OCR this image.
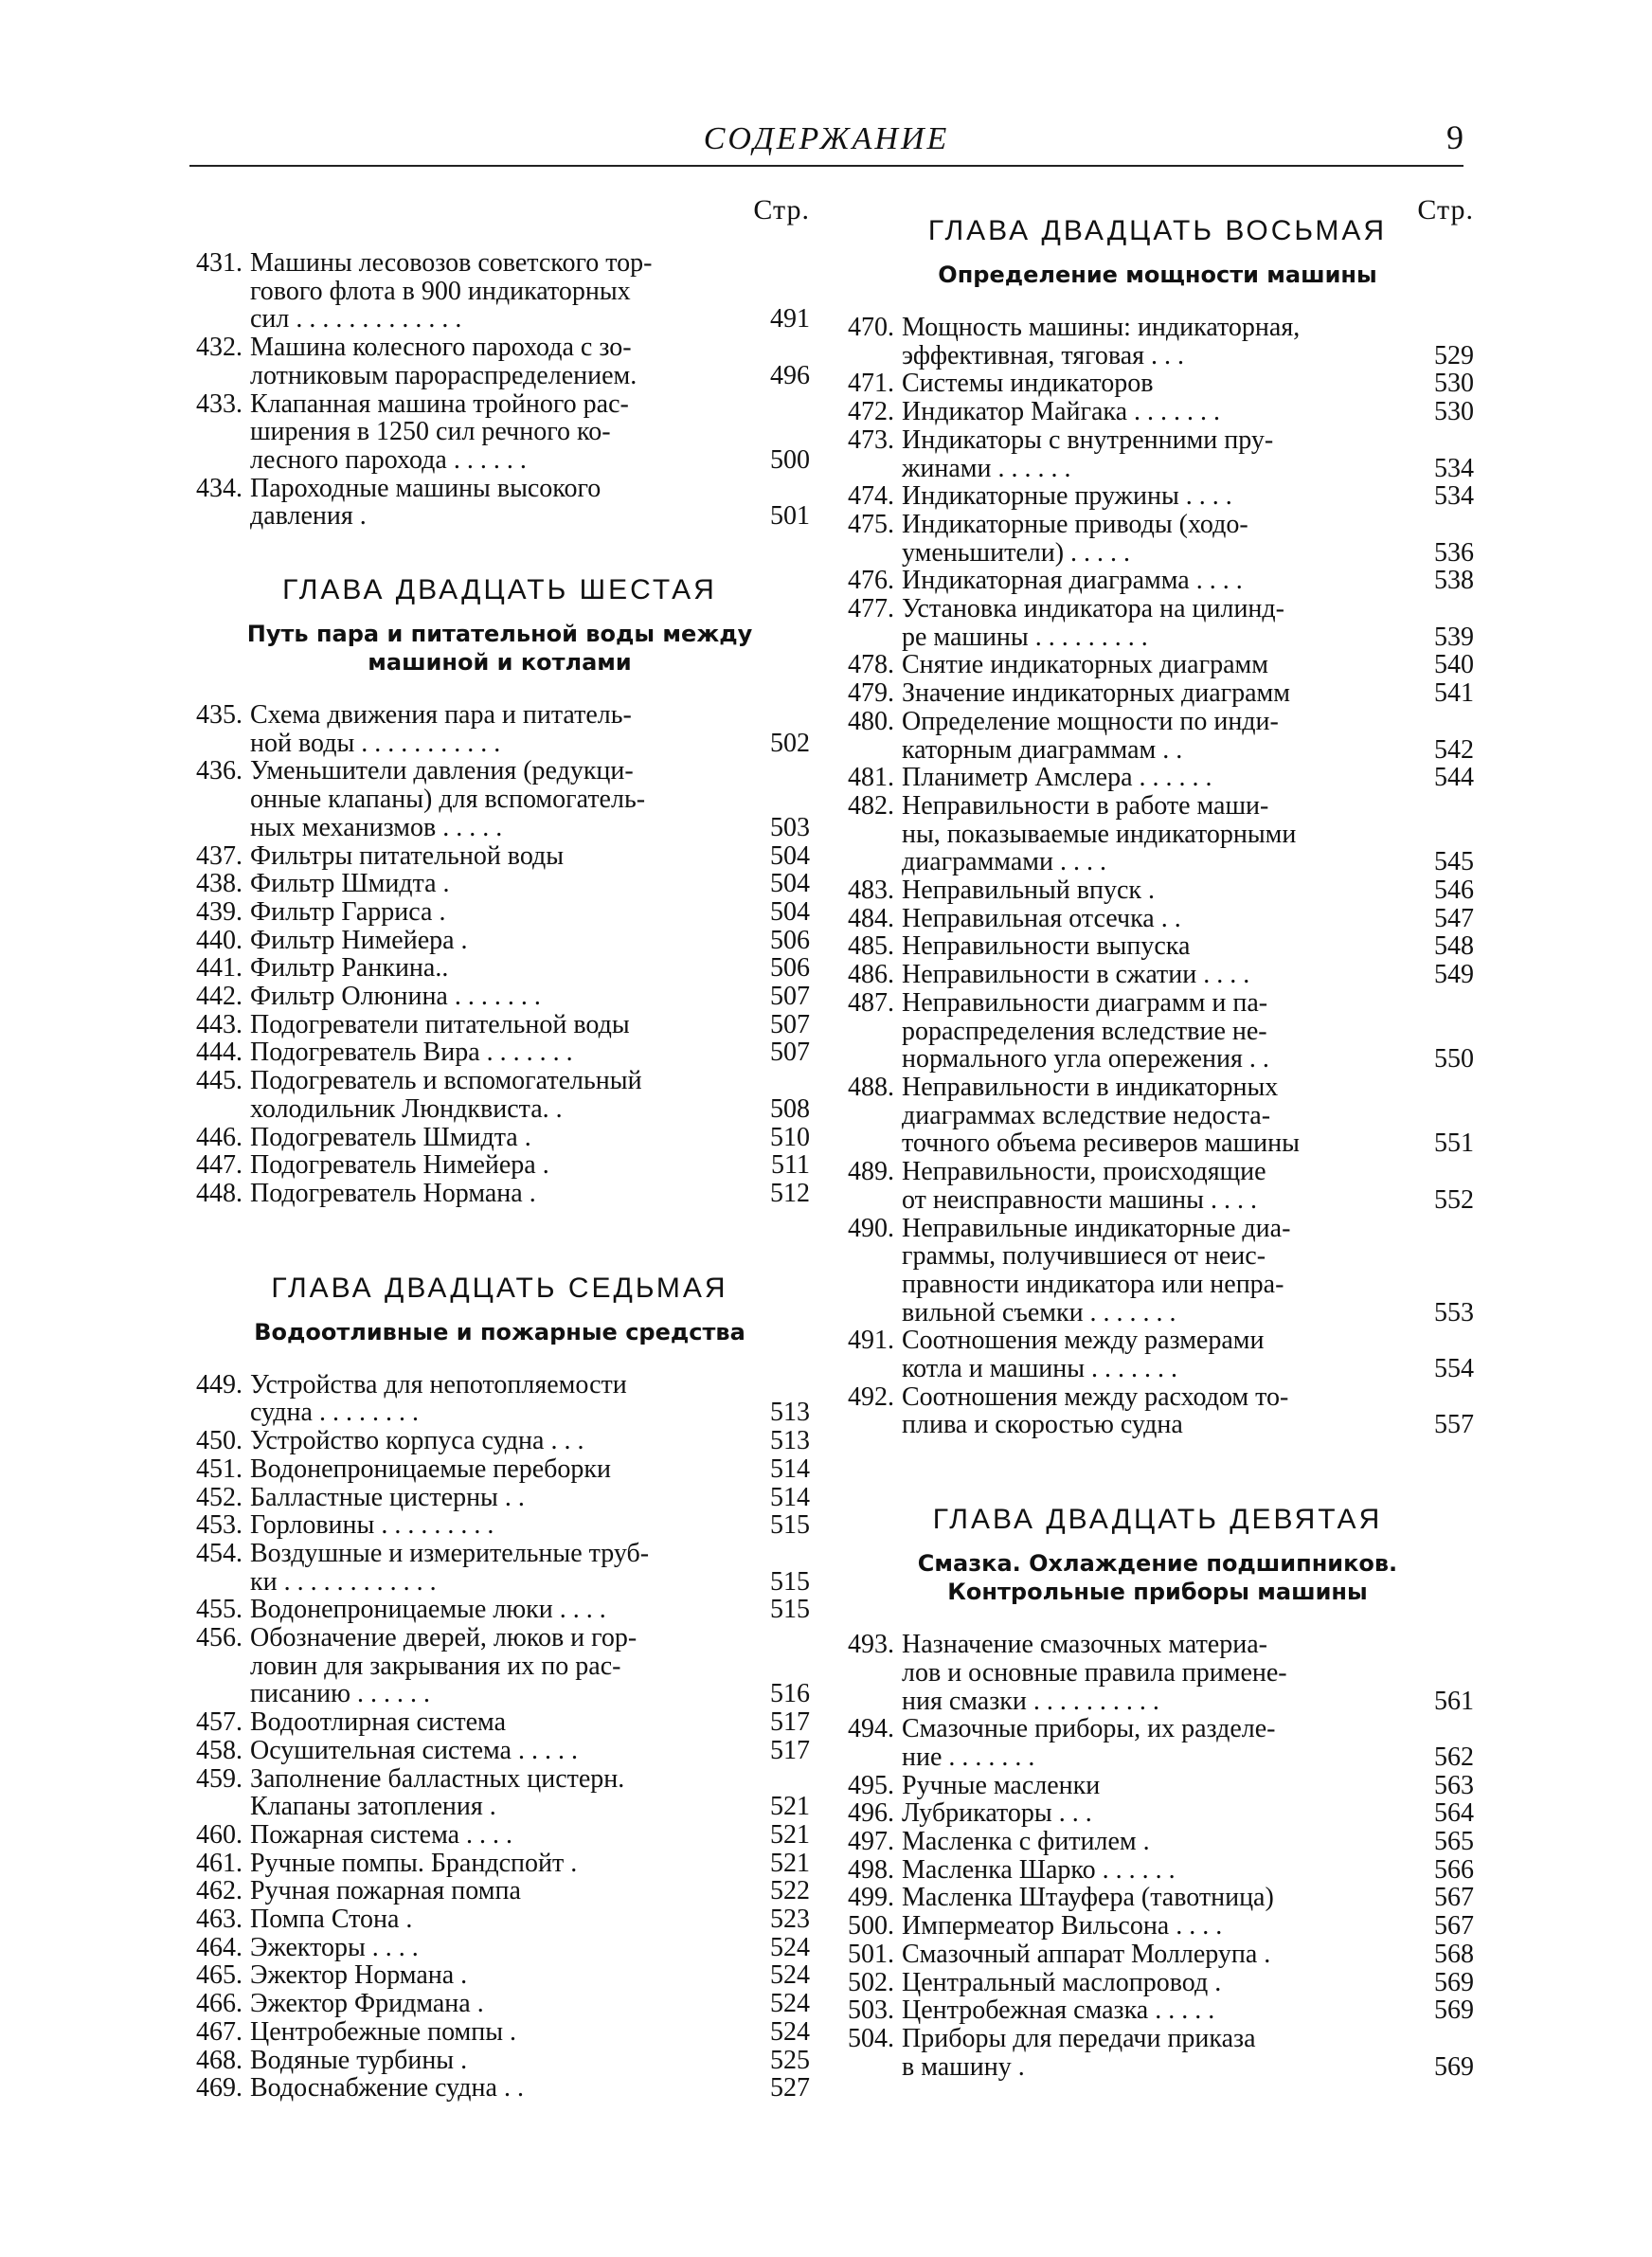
СОДЕРЖАНИЕ	9
Стр.
431. Машины лесовозов советского тор-
гового флота в 900 индикаторных
сил . . . . . . . . . . . . .	491
432. Машина колесного парохода с зо-
лотниковым парораспределением.	496
433. Клапанная машина тройного рас-
ширения в 1250 сил речного ко-
лесного парохода . . . . . .	500
434. Пароходные машины высокого
давления .	501
ГЛАВА ДВАДЦАТЬ ШЕСТАЯ
Путь пара и питательной воды между
машиной и котлами
435. Схема движения пара и питатель-
ной воды . . . . . . . . . . .	502
436. Уменьшители давления (редукци-
онные клапаны) для вспомогатель-
ных механизмов . . . . .	503
437. Фильтры питательной воды	504
438. Фильтр Шмидта .	504
439. Фильтр Гарриса .	504
440. Фильтр Нимейера .	506
441. Фильтр Ранкина..	506
442. Фильтр Олюнина . . . . . . .	507
443. Подогреватели питательной воды	507
444. Подогреватель Вира . . . . . . .	507
445. Подогреватель и вспомогательный
холодильник Люндквиста. .	508
446. Подогреватель Шмидта .	510
447. Подогреватель Нимейера .	511
448. Подогреватель Нормана .	512
ГЛАВА ДВАДЦАТЬ СЕДЬМАЯ
Водоотливные и пожарные средства
449. Устройства для непотопляемости
судна . . . . . . . .	513
450. Устройство корпуса судна . . .	513
451. Водонепроницаемые переборки	514
452. Балластные цистерны . .	514
453. Горловины . . . . . . . . .	515
454. Воздушные и измерительные труб-
ки . . . . . . . . . . . .	515
455. Водонепроницаемые люки . . . .	515
456. Обозначение дверей, люков и гор-
ловин для закрывания их по рас-
писанию . . . . . .	516
457. Водоотлирная система	517
458. Осушительная система . . . . .	517
459. Заполнение балластных цистерн.
Клапаны затопления .	521
460. Пожарная система . . . .	521
461. Ручные помпы. Брандспойт .	521
462. Ручная пожарная помпа	522
463. Помпа Стона .	523
464. Эжекторы . . . .	524
465. Эжектор Нормана .	524
466. Эжектор Фридмана .	524
467. Центробежные помпы .	524
468. Водяные турбины .	525
469. Водоснабжение судна . .	527
Стр.
ГЛАВА ДВАДЦАТЬ ВОСЬМАЯ
Определение мощности машины
470. Мощность машины: индикаторная,
эффективная, тяговая . . .	529
471. Системы индикаторов	530
472. Индикатор Майгака . . . . . . .	530
473. Индикаторы с внутренними пру-
жинами . . . . . .	534
474. Индикаторные пружины . . . .	534
475. Индикаторные приводы (ходо-
уменьшители) . . . . .	536
476. Индикаторная диаграмма . . . .	538
477. Установка индикатора на цилинд-
ре машины . . . . . . . . .	539
478. Снятие индикаторных диаграмм	540
479. Значение индикаторных диаграмм	541
480. Определение мощности по инди-
каторным диаграммам . .	542
481. Планиметр Амслера . . . . . .	544
482. Неправильности в работе маши-
ны, показываемые индикаторными
диаграммами . . . .	545
483. Неправильный впуск .	546
484. Неправильная отсечка . .	547
485. Неправильности выпуска	548
486. Неправильности в сжатии . . . .	549
487. Неправильности диаграмм и па-
рораспределения вследствие не-
нормального угла опережения . .	550
488. Неправильности в индикаторных
диаграммах вследствие недоста-
точного объема ресиверов машины	551
489. Неправильности, происходящие
от неисправности машины . . . .	552
490. Неправильные индикаторные диа-
граммы, получившиеся от неис-
правности индикатора или непра-
вильной съемки . . . . . . .	553
491. Соотношения между размерами
котла и машины . . . . . . .	554
492. Соотношения между расходом то-
плива и скоростью судна	557
ГЛАВА ДВАДЦАТЬ ДЕВЯТАЯ
Смазка. Охлаждение подшипников.
Контрольные приборы машины
493. Назначение смазочных материа-
лов и основные правила примене-
ния смазки . . . . . . . . . .	561
494. Смазочные приборы, их разделе-
ние . . . . . . .	562
495. Ручные масленки	563
496. Лубрикаторы . . .	564
497. Масленка с фитилем .	565
498. Масленка Шарко . . . . . .	566
499. Масленка Штауфера (тавотница)	567
500. Импермеатор Вильсона . . . .	567
501. Смазочный аппарат Моллерупа .	568
502. Центральный маслопровод .	569
503. Центробежная смазка . . . . .	569
504. Приборы для передачи приказа
в машину .	569
